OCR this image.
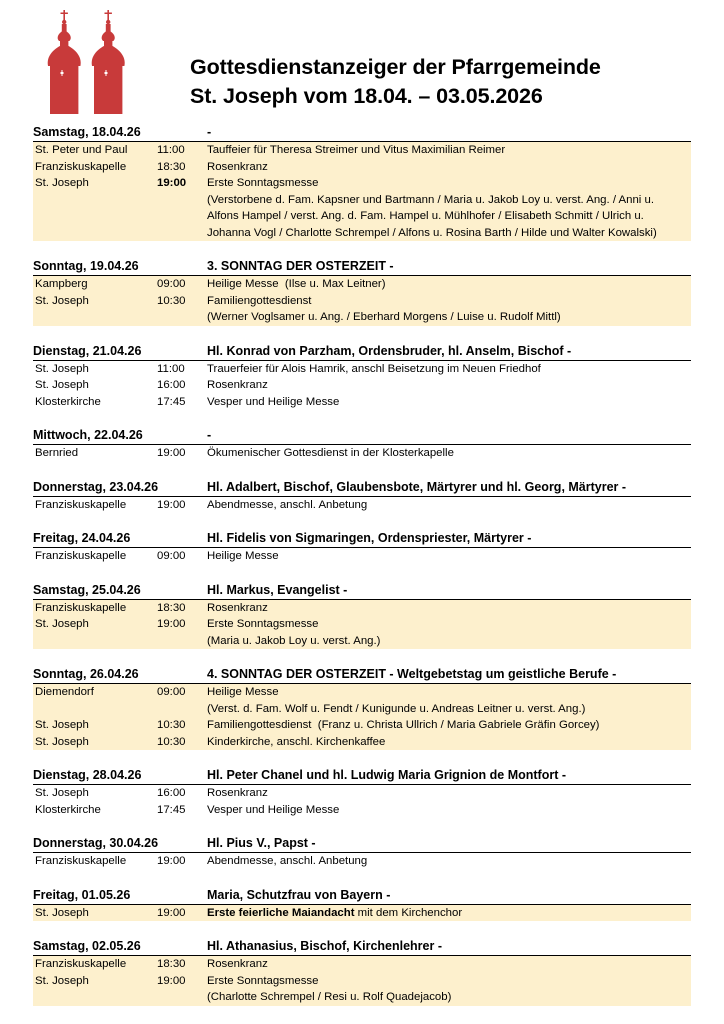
Gottesdienstanzeiger der Pfarrgemeinde
St. Joseph vom 18.04. – 03.05.2026
Samstag, 18.04.26	-
St. Peter und Paul	11:00	Tauffeier für Theresa Streimer und Vitus Maximilian Reimer
Franziskuskapelle	18:30	Rosenkranz
St. Joseph	19:00	Erste Sonntagsmesse
(Verstorbene d. Fam. Kapsner und Bartmann / Maria u. Jakob Loy u. verst. Ang. / Anni u.
Alfons Hampel / verst. Ang. d. Fam. Hampel u. Mühlhofer / Elisabeth Schmitt / Ulrich u.
Johanna Vogl / Charlotte Schrempel / Alfons u. Rosina Barth / Hilde und Walter Kowalski)
Sonntag, 19.04.26	3. SONNTAG DER OSTERZEIT -
Kampberg	09:00	Heilige Messe  (Ilse u. Max Leitner)
St. Joseph	10:30	Familiengottesdienst
(Werner Voglsamer u. Ang. / Eberhard Morgens / Luise u. Rudolf Mittl)
Dienstag, 21.04.26	Hl. Konrad von Parzham, Ordensbruder, hl. Anselm, Bischof -
St. Joseph	11:00	Trauerfeier für Alois Hamrik, anschl Beisetzung im Neuen Friedhof
St. Joseph	16:00	Rosenkranz
Klosterkirche	17:45	Vesper und Heilige Messe
Mittwoch, 22.04.26	-
Bernried	19:00	Ökumenischer Gottesdienst in der Klosterkapelle
Donnerstag, 23.04.26	Hl. Adalbert, Bischof, Glaubensbote, Märtyrer und hl. Georg, Märtyrer -
Franziskuskapelle	19:00	Abendmesse, anschl. Anbetung
Freitag, 24.04.26	Hl. Fidelis von Sigmaringen, Ordenspriester, Märtyrer -
Franziskuskapelle	09:00	Heilige Messe
Samstag, 25.04.26	Hl. Markus, Evangelist -
Franziskuskapelle	18:30	Rosenkranz
St. Joseph	19:00	Erste Sonntagsmesse
(Maria u. Jakob Loy u. verst. Ang.)
Sonntag, 26.04.26	4. SONNTAG DER OSTERZEIT - Weltgebetstag um geistliche Berufe -
Diemendorf	09:00	Heilige Messe
(Verst. d. Fam. Wolf u. Fendt / Kunigunde u. Andreas Leitner u. verst. Ang.)
St. Joseph	10:30	Familiengottesdienst  (Franz u. Christa Ullrich / Maria Gabriele Gräfin Gorcey)
St. Joseph	10:30	Kinderkirche, anschl. Kirchenkaffee
Dienstag, 28.04.26	Hl. Peter Chanel und hl. Ludwig Maria Grignion de Montfort -
St. Joseph	16:00	Rosenkranz
Klosterkirche	17:45	Vesper und Heilige Messe
Donnerstag, 30.04.26	Hl. Pius V., Papst -
Franziskuskapelle	19:00	Abendmesse, anschl. Anbetung
Freitag, 01.05.26	Maria, Schutzfrau von Bayern -
St. Joseph	19:00	Erste feierliche Maiandacht mit dem Kirchenchor
Samstag, 02.05.26	Hl. Athanasius, Bischof, Kirchenlehrer -
Franziskuskapelle	18:30	Rosenkranz
St. Joseph	19:00	Erste Sonntagsmesse
(Charlotte Schrempel / Resi u. Rolf Quadejacob)
